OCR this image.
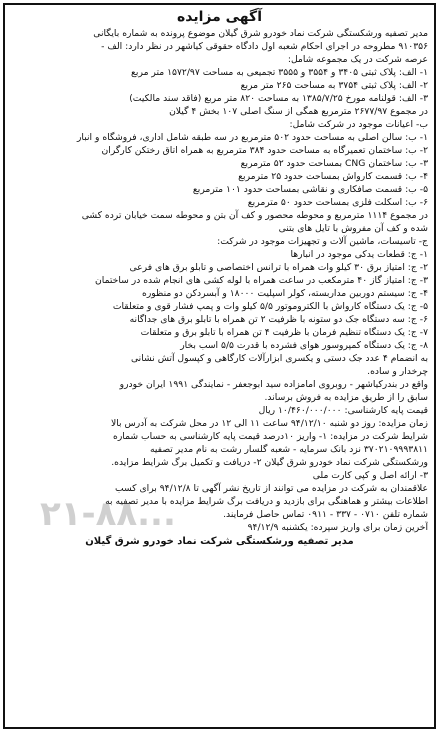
آگهی مزایده
مدیر تصفیه ورشکستگی شرکت نماد خودرو شرق گیلان موضوع پرونده به شماره بایگانی
۹۱۰۳۵۶ مطروحه در اجرای احکام شعبه اول دادگاه حقوقی کیاشهر در نظر دارد: الف -
عرصه شرکت در یک مجموعه شامل:
۱- الف: پلاک ثبتی ۳۴۰۵ و ۳۵۵۴ و ۳۵۵۵ تجمیعی به مساحت ۱۵۷۲/۹۷ متر مربع
۲- الف: پلاک ثبتی ۳۷۵۴ به مساحت ۲۶۵ متر مربع
۳- الف: قولنامه مورخ ۱۳۸۵/۷/۲۵ به مساحت ۸۲۰ متر مربع (فاقد سند مالکیت)
در مجموع ۲۶۷۷/۹۷ مترمربع همگی از سنگ اصلی ۱۰۷ بخش ۴ گیلان
ب- اعیانات موجود در شرکت شامل:
۱- ب: سالن اصلی به مساحت حدود ۵۰۲ مترمربع در سه طبقه شامل اداری، فروشگاه و انبار
۲- ب: ساختمان تعمیرگاه به مساحت حدود ۳۸۴ مترمربع به همراه اتاق رختکن کارگران
۳- ب: ساختمان CNG بمساحت حدود ۵۲ مترمربع
۴- ب: قسمت کارواش بمساحت حدود ۲۵ مترمربع
۵- ب: قسمت صافکاری و نقاشی بمساحت حدود ۱۰۱ مترمربع
۶- ب: اسکلت فلزی بمساحت حدود ۵۰ مترمربع
در مجموع ۱۱۱۴ مترمربع و محوطه محصور و کف آن بتن و محوطه سمت خیابان ترده کشی
شده و کف آن مفروش با تایل های بتنی
ج- تاسیسات، ماشین آلات و تجهیزات موجود در شرکت:
۱- ج: قطعات یدکی موجود در انبارها
۲- ج: امتیاز برق ۳۰ کیلو وات همراه با ترانس اختصاصی و تابلو برق های فرعی
۳- ج: امتیاز گاز ۴۰ مترمکعب در ساعت همراه با لوله کشی های انجام شده در ساختمان
۴- ج: سیستم دوربین مداربسته، کولر اسپلیت ۱۸۰۰۰ و آبسردکن دو منظوره
۵- ج: یک دستگاه کارواش با الکتروموتور ۵/۵ کیلو وات و پمپ فشار قوی و متعلقات
۶- ج: سه دستگاه جک دو ستونه با ظرفیت ۲ تن همراه با تابلو برق های جداگانه
۷- ج: یک دستگاه تنظیم فرمان با ظرفیت ۴ تن همراه با تابلو برق و متعلقات
۸- ج: یک دستگاه کمپروسور هوای فشرده با قدرت ۵/۵ اسب بخار
به انضمام ۴ عدد جک دستی و یکسری ابزارآلات کارگاهی و کپسول آتش نشانی
چرخدار و ساده.
واقع در بندرکیاشهر - روبروی امامزاده سید ابوجعفر - نمایندگی ۱۹۹۱ ایران خودرو
سابق را از طریق مزایده به فروش برساند.
قیمت پایه کارشناسی: ۱۰/۴۶۰/۰۰۰/۰۰۰ ریال
زمان مزایده: روز دو شنبه ۹۴/۱۲/۱۰ ساعت ۱۱ الی ۱۲ در محل شرکت به آدرس بالا
شرایط شرکت در مزایده: ۱- واریز ۱۰درصد قیمت پایه کارشناسی به حساب شماره
۳۷۰۲۱۰۹۹۹۳۸۱۱ نزد بانک سرمایه - شعبه گلسار رشت به نام مدیر تصفیه
ورشکستگی شرکت نماد خودرو شرق گیلان ۲- دریافت و تکمیل برگ شرایط مزایده.
۳- ارائه اصل و کپی کارت ملی
علاقمندان به شرکت در مزایده می توانند از تاریخ نشر آگهی تا ۹۴/۱۲/۸ برای کسب
اطلاعات بیشتر و هماهنگی برای بازدید و دریافت برگ شرایط مزایده با مدیر تصفیه به
شماره تلفن ۰۷۱۰ - ۳۳۷ - ۰۹۱۱ تماس حاصل فرمایند.
آخرین زمان برای واریز سپرده: یکشنبه ۹۴/۱۲/۹
مدیر تصفیه ورشکستگی شرکت نماد خودرو شرق گیلان
۲۱-۸۸...
